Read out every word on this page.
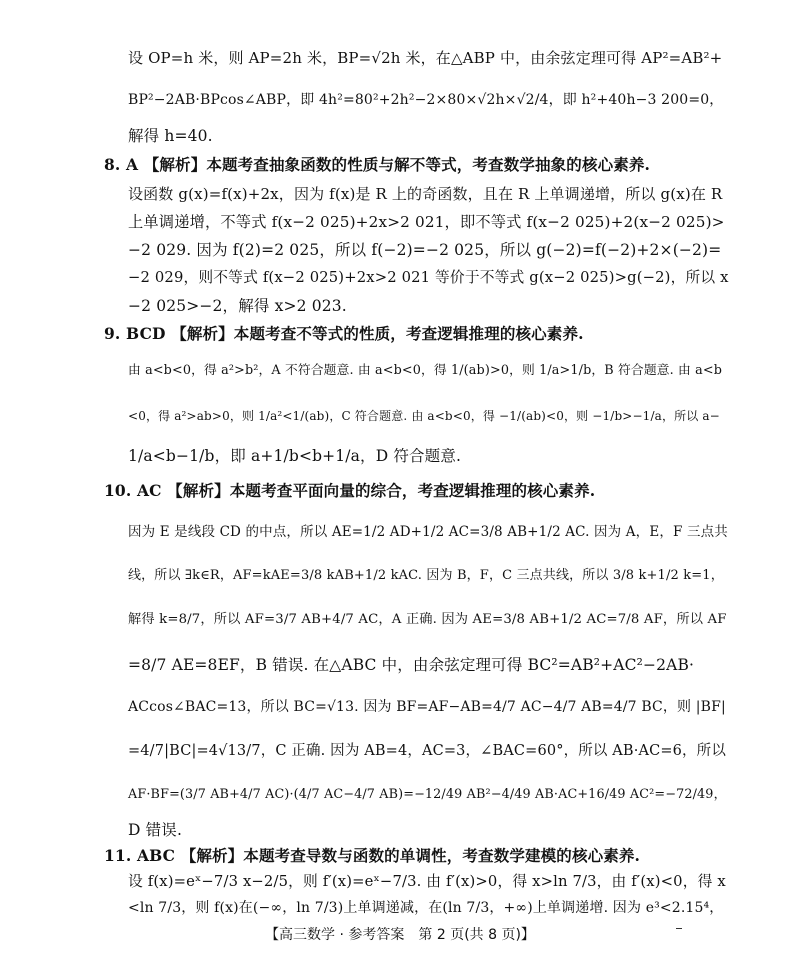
设 OP=h 米，则 AP=2h 米，BP=√2h 米，在△ABP 中，由余弦定理可得 AP²=AB²+
BP²−2AB·BPcos∠ABP，即 4h²=80²+2h²−2×80×√2h×√2/4，即 h²+40h−3 200=0，
解得 h=40.
8. A 【解析】本题考查抽象函数的性质与解不等式，考查数学抽象的核心素养.
设函数 g(x)=f(x)+2x，因为 f(x)是 R 上的奇函数，且在 R 上单调递增，所以 g(x)在 R
上单调递增，不等式 f(x−2 025)+2x>2 021，即不等式 f(x−2 025)+2(x−2 025)>
−2 029. 因为 f(2)=2 025，所以 f(−2)=−2 025，所以 g(−2)=f(−2)+2×(−2)=
−2 029，则不等式 f(x−2 025)+2x>2 021 等价于不等式 g(x−2 025)>g(−2)，所以 x
−2 025>−2，解得 x>2 023.
9. BCD 【解析】本题考查不等式的性质，考查逻辑推理的核心素养.
由 a<b<0，得 a²>b²，A 不符合题意. 由 a<b<0，得 1/(ab)>0，则 1/a>1/b，B 符合题意. 由 a<b
<0，得 a²>ab>0，则 1/a²<1/(ab)，C 符合题意. 由 a<b<0，得 −1/(ab)<0，则 −1/b>−1/a，所以 a−
1/a<b−1/b，即 a+1/b<b+1/a，D 符合题意.
10. AC 【解析】本题考查平面向量的综合，考查逻辑推理的核心素养.
因为 E 是线段 CD 的中点，所以 AE=1/2 AD+1/2 AC=3/8 AB+1/2 AC. 因为 A，E，F 三点共
线，所以 ∃k∈R，AF=kAE=3/8 kAB+1/2 kAC. 因为 B，F，C 三点共线，所以 3/8 k+1/2 k=1，
解得 k=8/7，所以 AF=3/7 AB+4/7 AC，A 正确. 因为 AE=3/8 AB+1/2 AC=7/8 AF，所以 AF
=8/7 AE=8EF，B 错误. 在△ABC 中，由余弦定理可得 BC²=AB²+AC²−2AB·
ACcos∠BAC=13，所以 BC=√13. 因为 BF=AF−AB=4/7 AC−4/7 AB=4/7 BC，则 |BF|
=4/7|BC|=4√13/7，C 正确. 因为 AB=4，AC=3，∠BAC=60°，所以 AB·AC=6，所以
AF·BF=(3/7 AB+4/7 AC)·(4/7 AC−4/7 AB)=−12/49 AB²−4/49 AB·AC+16/49 AC²=−72/49，
D 错误.
11. ABC 【解析】本题考查导数与函数的单调性，考查数学建模的核心素养.
设 f(x)=eˣ−7/3 x−2/5，则 f′(x)=eˣ−7/3. 由 f′(x)>0，得 x>ln 7/3，由 f′(x)<0，得 x
<ln 7/3，则 f(x)在(−∞，ln 7/3)上单调递减，在(ln 7/3，+∞)上单调递增. 因为 e³<2.15⁴，
【高三数学 · 参考答案　第 2 页(共 8 页)】
